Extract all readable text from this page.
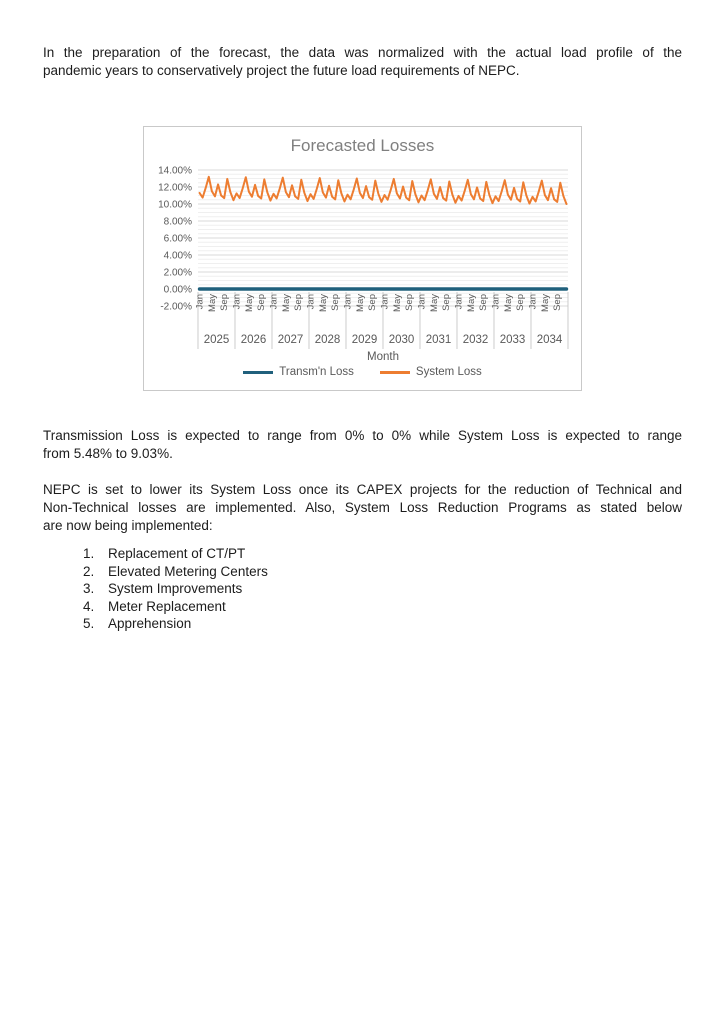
In the preparation of the forecast, the data was normalized with the actual load profile of the
pandemic years to conservatively project the future load requirements of NEPC.
Forecasted Losses
14.00%
12.00%
10.00%
8.00%
6.00%
4.00%
2.00%
0.00%
-2.00% Jan May Sep
2025
Jan May Sep
2026
Jan May Sep
2027
Jan May Sep
2028
Jan May Sep
2029
Jan May Sep
2030
Jan May Sep
2031
Jan May Sep
2032
Jan May Sep
2033
Jan May Sep
2034
Month
Transm'n Loss	System Loss
Transmission Loss is expected to range from 0% to 0% while System Loss is expected to range
from 5.48% to 9.03%.
NEPC is set to lower its System Loss once its CAPEX projects for the reduction of Technical and
Non-Technical losses are implemented. Also, System Loss Reduction Programs as stated below
are now being implemented:
1. Replacement of CT/PT
2. Elevated Metering Centers
3. System Improvements
4. Meter Replacement
5. Apprehension
